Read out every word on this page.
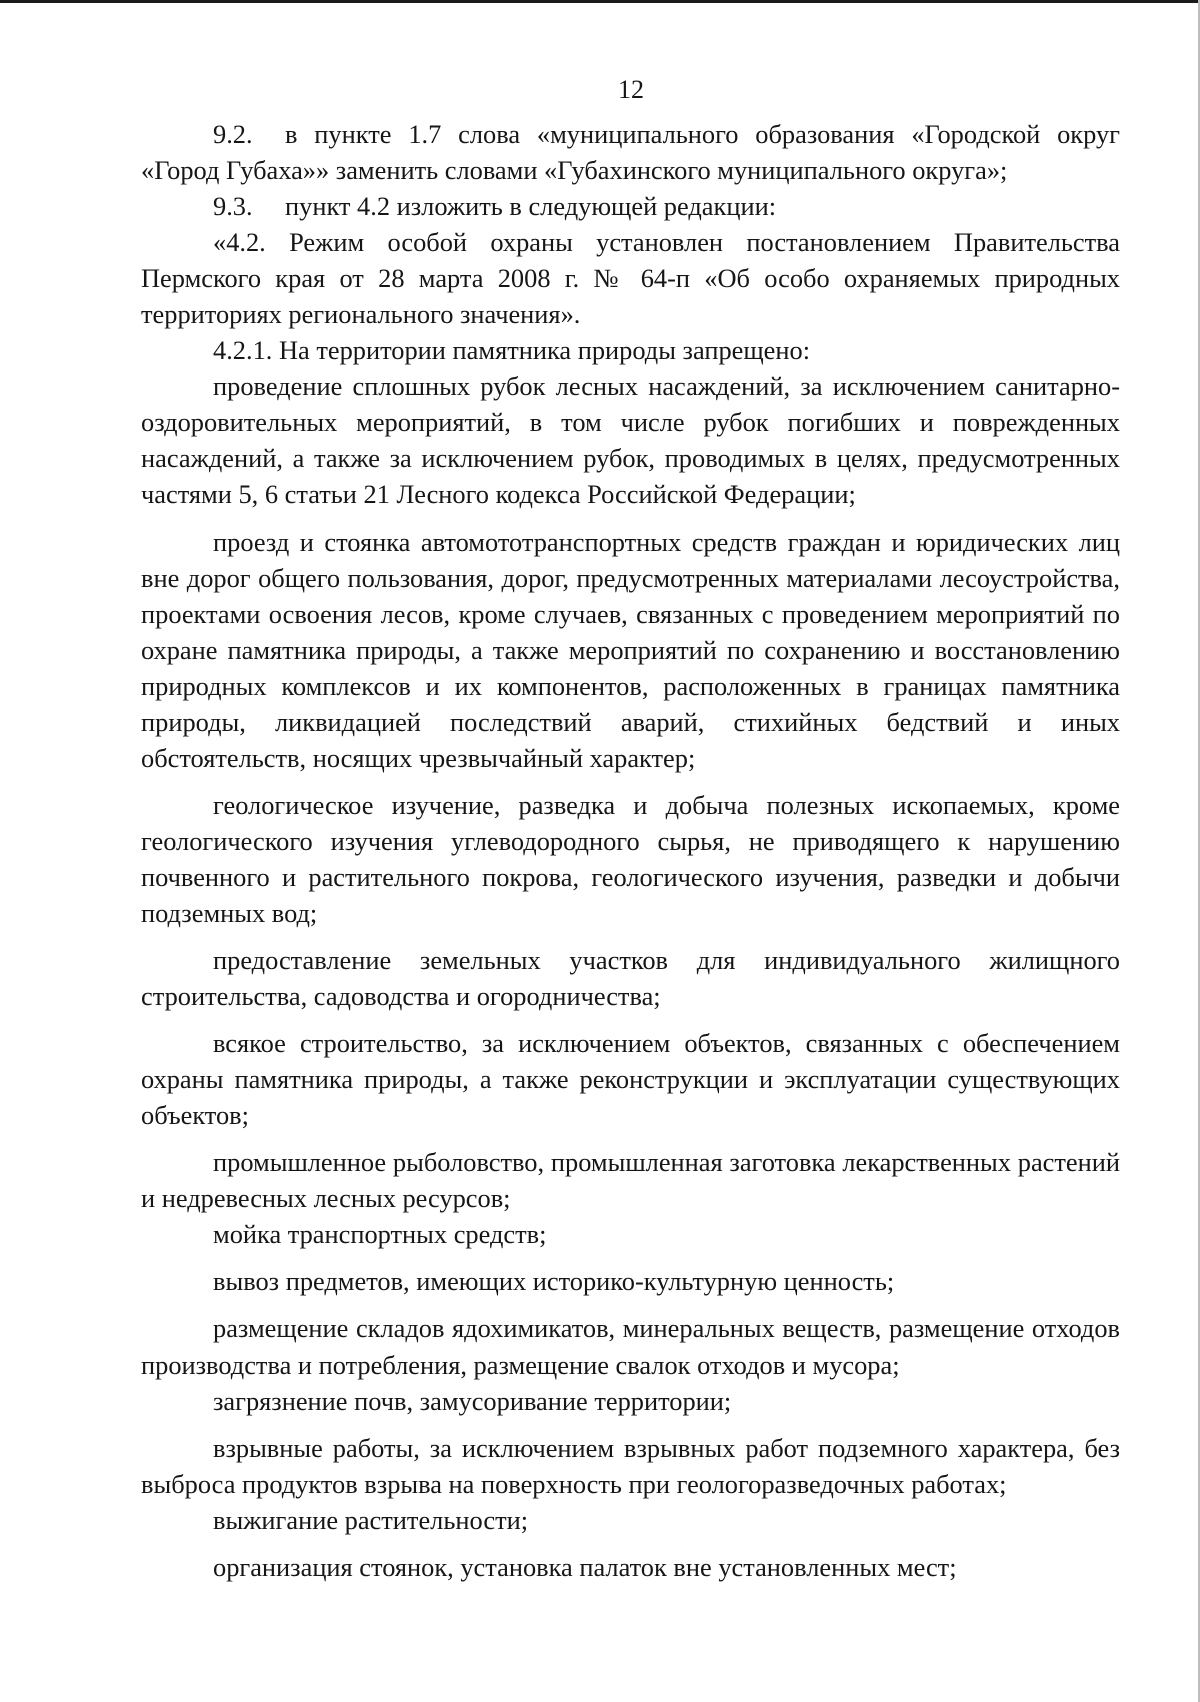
12

9.2. в пункте 1.7 слова «муниципального образования «Городской округ «Город Губаха»» заменить словами «Губахинского муниципального округа»;

9.3. пункт 4.2 изложить в следующей редакции:

«4.2. Режим особой охраны установлен постановлением Правительства Пермского края от 28 марта 2008 г. № 64-п «Об особо охраняемых природных территориях регионального значения».

4.2.1. На территории памятника природы запрещено:

проведение сплошных рубок лесных насаждений, за исключением санитарно-оздоровительных мероприятий, в том числе рубок погибших и поврежденных насаждений, а также за исключением рубок, проводимых в целях, предусмотренных частями 5, 6 статьи 21 Лесного кодекса Российской Федерации;

проезд и стоянка автомототранспортных средств граждан и юридических лиц вне дорог общего пользования, дорог, предусмотренных материалами лесоустройства, проектами освоения лесов, кроме случаев, связанных с проведением мероприятий по охране памятника природы, а также мероприятий по сохранению и восстановлению природных комплексов и их компонентов, расположенных в границах памятника природы, ликвидацией последствий аварий, стихийных бедствий и иных обстоятельств, носящих чрезвычайный характер;

геологическое изучение, разведка и добыча полезных ископаемых, кроме геологического изучения углеводородного сырья, не приводящего к нарушению почвенного и растительного покрова, геологического изучения, разведки и добычи подземных вод;

предоставление земельных участков для индивидуального жилищного строительства, садоводства и огородничества;

всякое строительство, за исключением объектов, связанных с обеспечением охраны памятника природы, а также реконструкции и эксплуатации существующих объектов;

промышленное рыболовство, промышленная заготовка лекарственных растений и недревесных лесных ресурсов;

мойка транспортных средств;

вывоз предметов, имеющих историко-культурную ценность;

размещение складов ядохимикатов, минеральных веществ, размещение отходов производства и потребления, размещение свалок отходов и мусора;

загрязнение почв, замусоривание территории;

взрывные работы, за исключением взрывных работ подземного характера, без выброса продуктов взрыва на поверхность при геологоразведочных работах;

выжигание растительности;

организация стоянок, установка палаток вне установленных мест;
